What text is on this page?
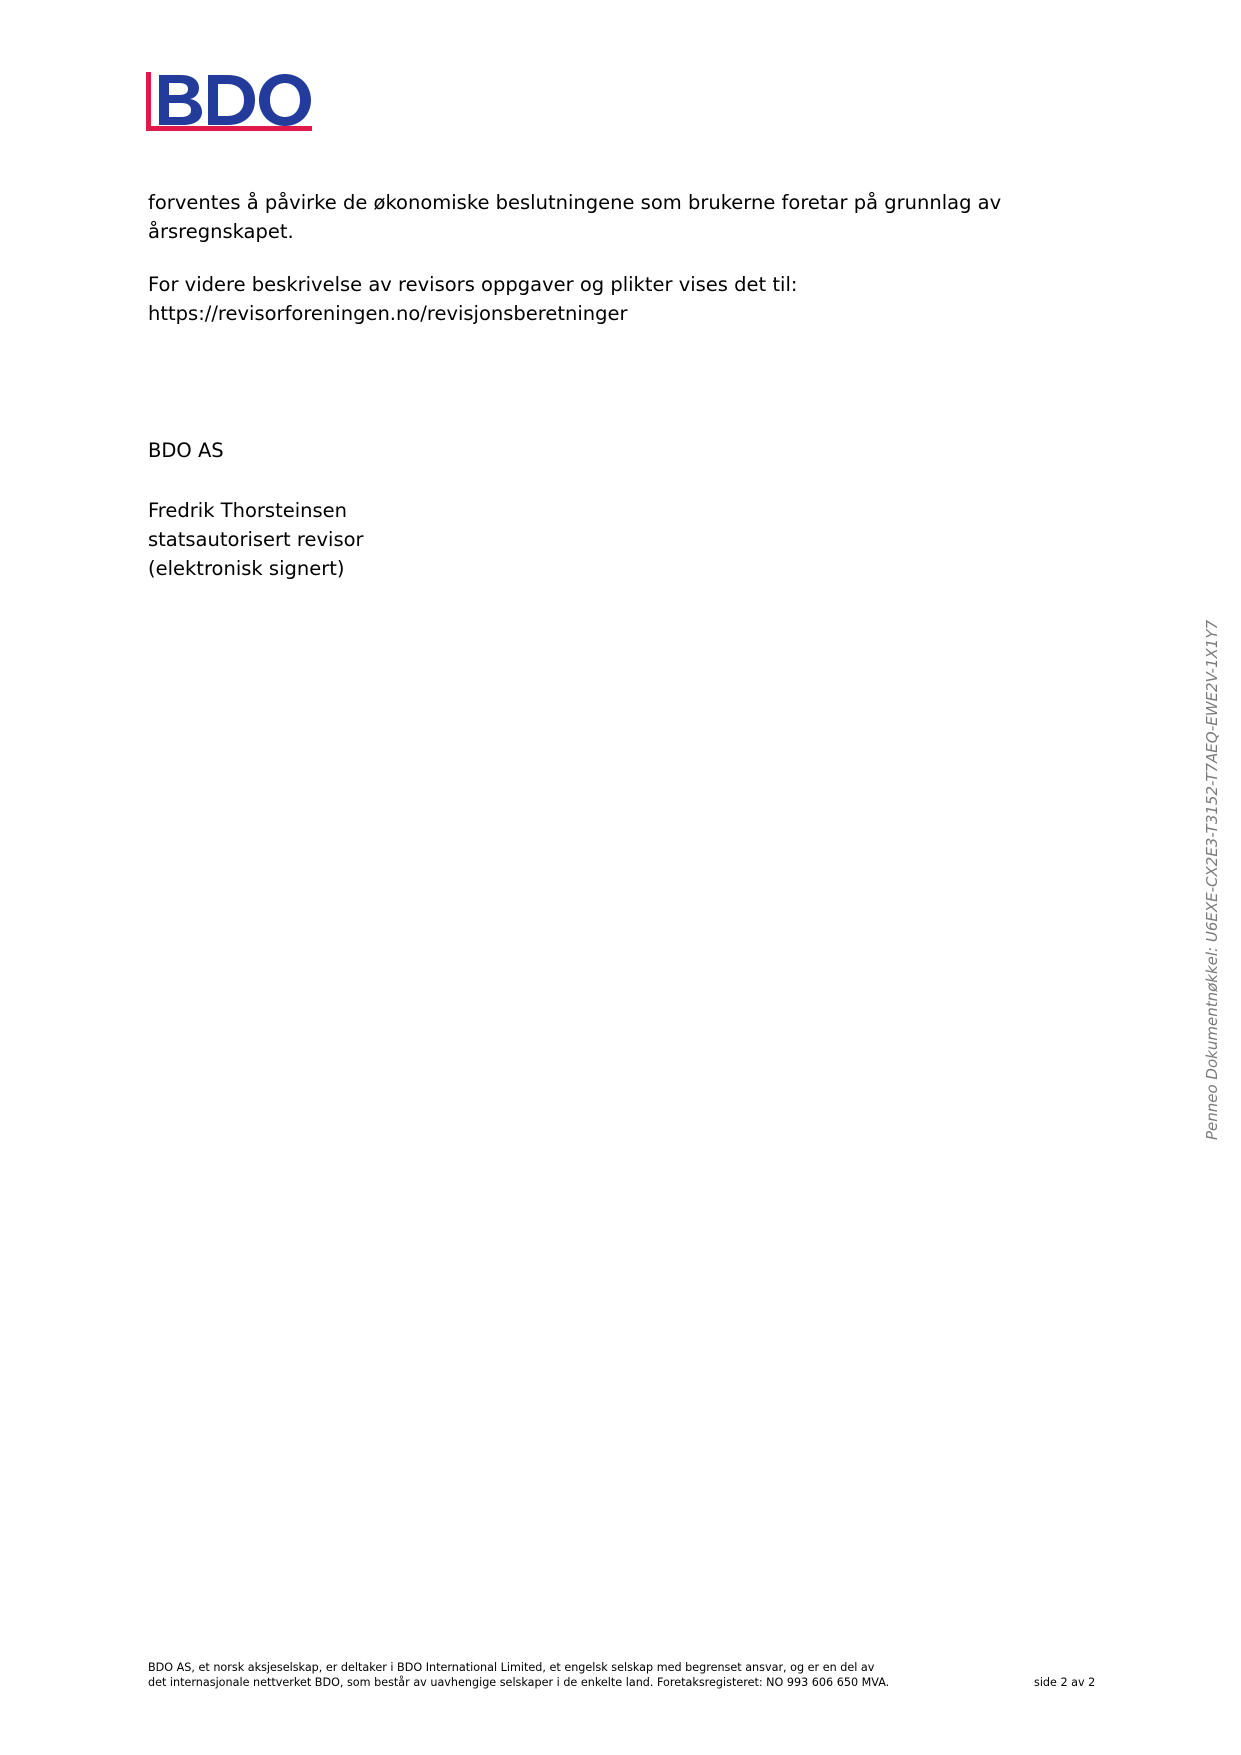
forventes å påvirke de økonomiske beslutningene som brukerne foretar på grunnlag av
årsregnskapet.

For videre beskrivelse av revisors oppgaver og plikter vises det til:
https://revisorforeningen.no/revisjonsberetninger

BDO AS

Fredrik Thorsteinsen
statsautorisert revisor
(elektronisk signert)

Penneo Dokumentnøkkel: U6EXE-CX2E3-T3152-T7AEQ-EWE2V-1X1Y7

BDO AS, et norsk aksjeselskap, er deltaker i BDO International Limited, et engelsk selskap med begrenset ansvar, og er en del av
det internasjonale nettverket BDO, som består av uavhengige selskaper i de enkelte land. Foretaksregisteret: NO 993 606 650 MVA.	side 2 av 2
